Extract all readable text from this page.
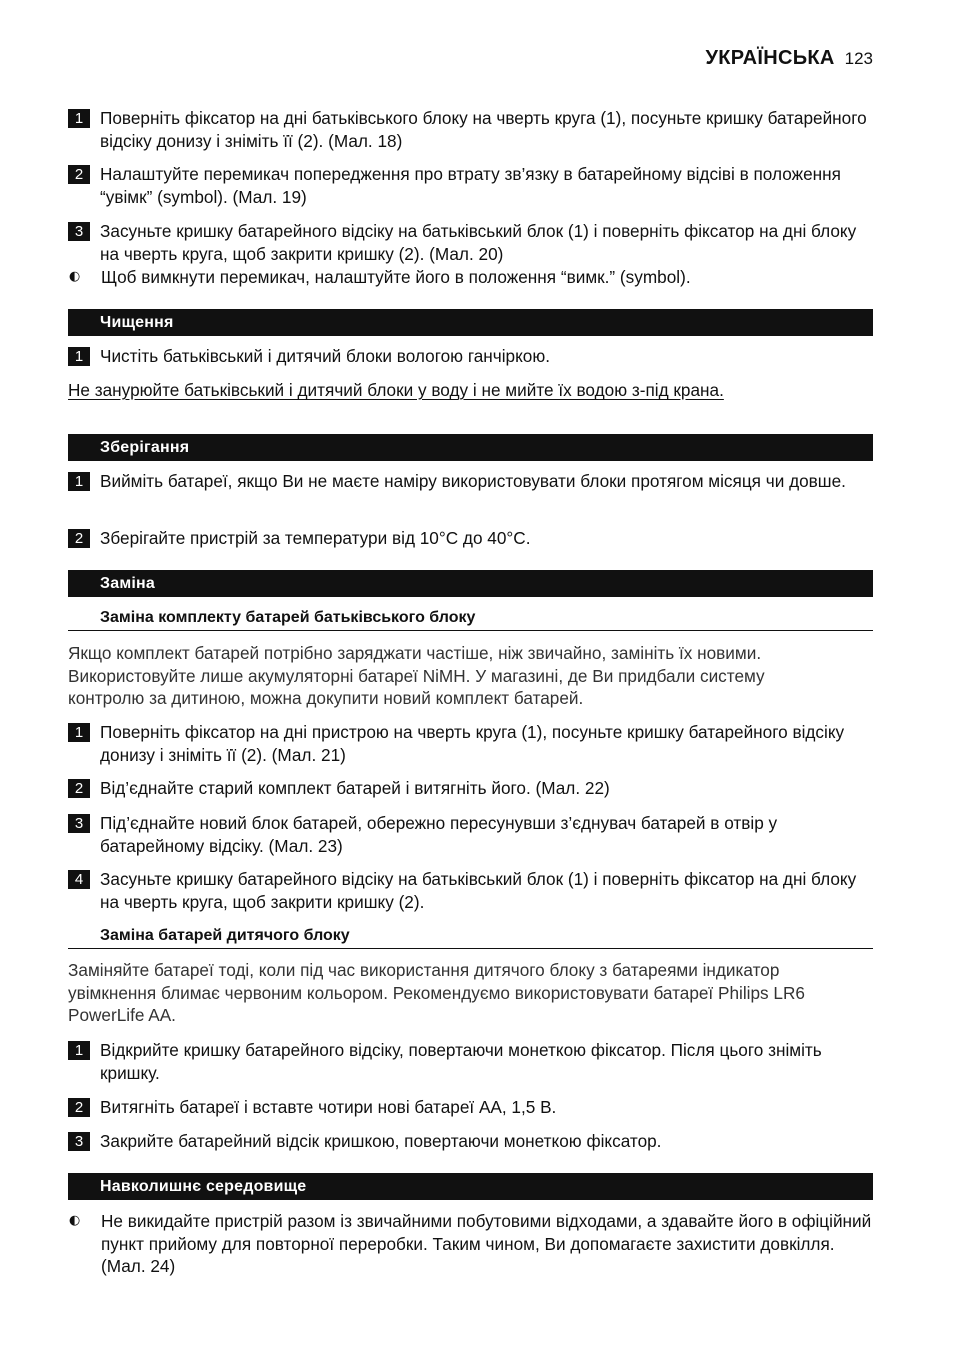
УКРАЇНСЬКА 123
1 Поверніть фіксатор на дні батьківського блоку на чверть круга (1), посуньте кришку батарейного відсіку донизу і зніміть її (2). (Мал. 18)
2 Налаштуйте перемикач попередження про втрату зв’язку в батарейному відсіві в положення “увімк” (symbol). (Мал. 19)
3 Засуньте кришку батарейного відсіку на батьківський блок (1) і поверніть фіксатор на дні блоку на чверть круга, щоб закрити кришку (2). (Мал. 20)
◐	Щоб вимкнути перемикач, налаштуйте його в положення “вимк.” (symbol).
Чищення
1 Чистіть батьківський і дитячий блоки вологою ганчіркою.
Не занурюйте батьківський і дитячий блоки у воду і не мийте їх водою з-під крана.
Зберігання
1 Вийміть батареї, якщо Ви не маєте наміру використовувати блоки протягом місяця чи довше.
2 Зберігайте пристрій за температури від 10°C до 40°C.
Заміна
Заміна комплекту батарей батьківського блоку
Якщо комплект батарей потрібно заряджати частіше, ніж звичайно, замініть їх новими. Використовуйте лише акумуляторні батареї NiMH. У магазині, де Ви придбали систему контролю за дитиною, можна докупити новий комплект батарей.
1 Поверніть фіксатор на дні пристрою на чверть круга (1), посуньте кришку батарейного відсіку донизу і зніміть її (2). (Мал. 21)
2 Від’єднайте старий комплект батарей і витягніть його. (Мал. 22)
3 Під’єднайте новий блок батарей, обережно пересунувши з’єднувач батарей в отвір у батарейному відсіку. (Мал. 23)
4 Засуньте кришку батарейного відсіку на батьківський блок (1) і поверніть фіксатор на дні блоку на чверть круга, щоб закрити кришку (2).
Заміна батарей дитячого блоку
Заміняйте батареї тоді, коли під час використання дитячого блоку з батареями індикатор увімкнення блимає червоним кольором. Рекомендуємо використовувати батареї Philips LR6 PowerLife AA.
1 Відкрийте кришку батарейного відсіку, повертаючи монеткою фіксатор. Після цього зніміть кришку.
2 Витягніть батареї і вставте чотири нові батареї AA, 1,5 В.
3 Закрийте батарейний відсік кришкою, повертаючи монеткою фіксатор.
Навколишнє середовище
◐	Не викидайте пристрій разом із звичайними побутовими відходами, а здавайте його в офіційний пункт прийому для повторної переробки. Таким чином, Ви допомагаєте захистити довкілля. (Мал. 24)
